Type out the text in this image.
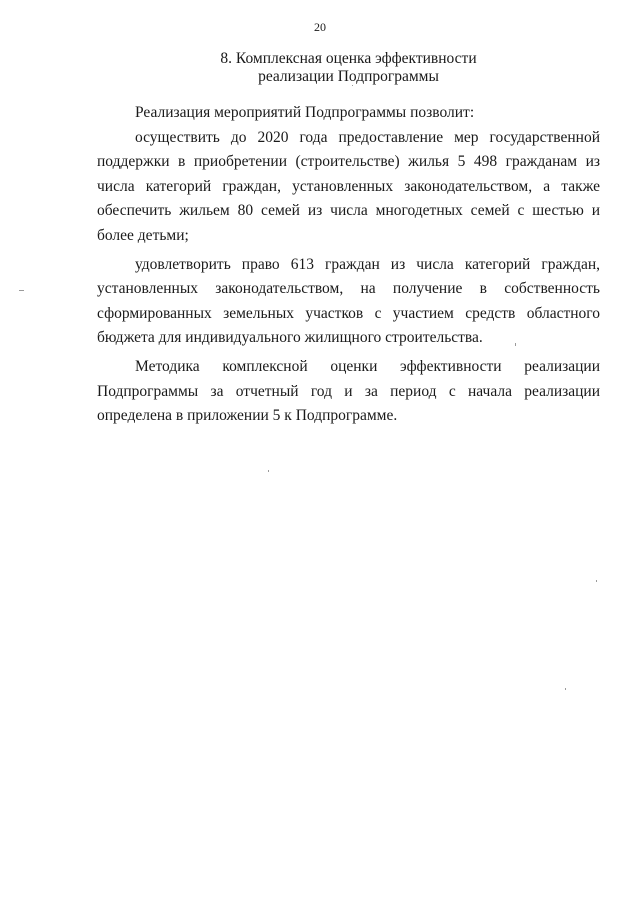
20
8. Комплексная оценка эффективности
реализации Подпрограммы

Реализация мероприятий Подпрограммы позволит:

осуществить до 2020 года предоставление мер государственной поддержки в приобретении (строительстве) жилья 5 498 гражданам из числа категорий граждан, установленных законодательством, а также обеспечить жильем 80 семей из числа многодетных семей с шестью и более детьми;

удовлетворить право 613 граждан из числа категорий граждан, установленных законодательством, на получение в собственность сформированных земельных участков с участием средств областного бюджета для индивидуального жилищного строительства.

Методика комплексной оценки эффективности реализации Подпрограммы за отчетный год и за период с начала реализации определена в приложении 5 к Подпрограмме.
